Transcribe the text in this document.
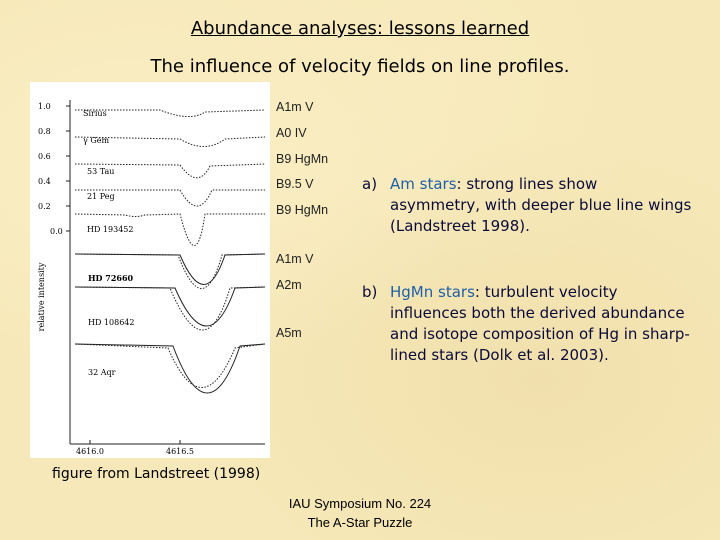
Abundance analyses: lessons learned
The influence of velocity fields on line profiles.
1.0
0.8
0.6
0.4
0.2
0.0
relative intensity
4616.0	4616.5
Sirius
γ Gem
53 Tau
21 Peg
HD 193452
HD 72660
HD 108642
32 Aqr
A1m V
A0 IV
B9 HgMn
B9.5 V
B9 HgMn
A1m V
A2m
A5m
a) Am stars: strong lines show asymmetry, with deeper blue line wings (Landstreet 1998).
b) HgMn stars: turbulent velocity influences both the derived abundance and isotope composition of Hg in sharp-lined stars (Dolk et al. 2003).
figure from Landstreet (1998)
IAU Symposium No. 224
The A-Star Puzzle
